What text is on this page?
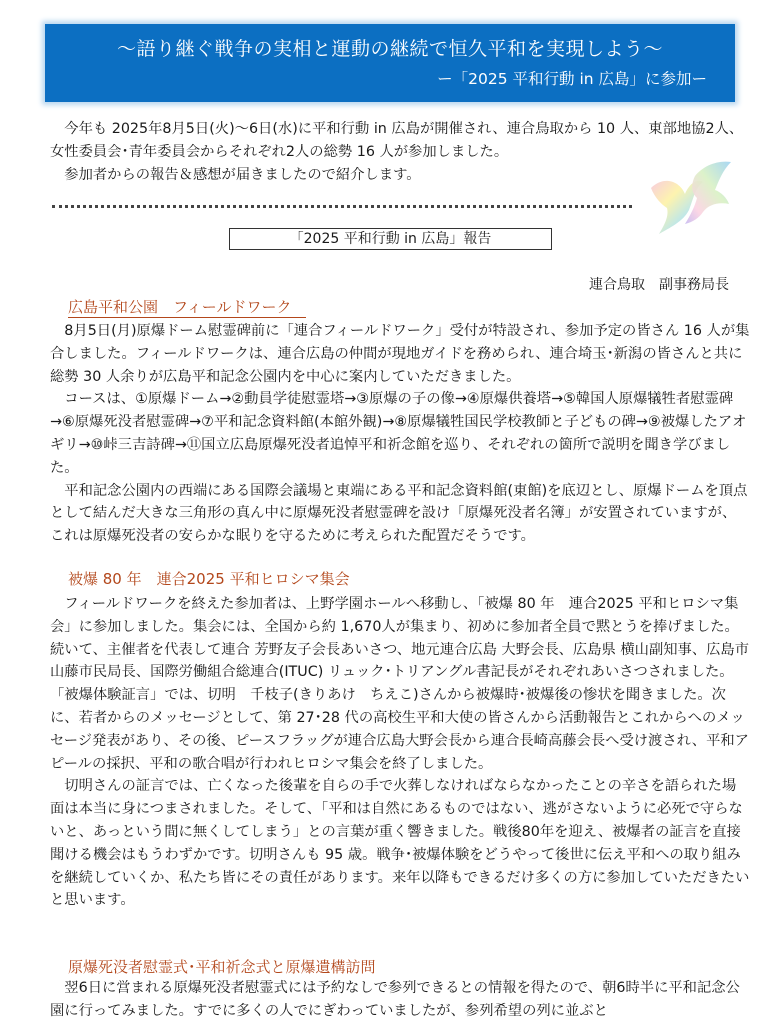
～語り継ぐ戦争の実相と運動の継続で恒久平和を実現しよう～
ー「2025 平和行動 in 広島」に参加ー

今年も 2025年8月5日(火)～6日(水)に平和行動 in 広島が開催され、連合鳥取から 10 人、東部地協2人、女性委員会･青年委員会からそれぞれ2人の総勢 16 人が参加しました。

参加者からの報告＆感想が届きましたので紹介します。

「2025 平和行動 in 広島」報告
連合鳥取　副事務局長
広島平和公園　フィールドワーク

8月5日(月)原爆ドーム慰霊碑前に「連合フィールドワーク」受付が特設され、参加予定の皆さん 16 人が集合しました。フィールドワークは、連合広島の仲間が現地ガイドを務められ、連合埼玉･新潟の皆さんと共に総勢 30 人余りが広島平和記念公園内を中心に案内していただきました。

コースは、①原爆ドーム→②動員学徒慰霊塔→③原爆の子の像→④原爆供養塔→⑤韓国人原爆犠牲者慰霊碑→⑥原爆死没者慰霊碑→⑦平和記念資料館(本館外観)→⑧原爆犠牲国民学校教師と子どもの碑→⑨被爆したアオギリ→⑩峠三吉詩碑→⑪国立広島原爆死没者追悼平和祈念館を巡り、それぞれの箇所で説明を聞き学びました。

平和記念公園内の西端にある国際会議場と東端にある平和記念資料館(東館)を底辺とし、原爆ドームを頂点として結んだ大きな三角形の真ん中に原爆死没者慰霊碑を設け「原爆死没者名簿」が安置されていますが、これは原爆死没者の安らかな眠りを守るために考えられた配置だそうです。

被爆 80 年　連合2025 平和ヒロシマ集会

フィールドワークを終えた参加者は、上野学園ホールへ移動し、「被爆 80 年　連合2025 平和ヒロシマ集会」に参加しました。集会には、全国から約 1,670人が集まり、初めに参加者全員で黙とうを捧げました。続いて、主催者を代表して連合 芳野友子会長あいさつ、地元連合広島 大野会長、広島県 横山副知事、広島市 山藤市民局長、国際労働組合総連合(ITUC) リュック･トリアングル書記長がそれぞれあいさつされました。「被爆体験証言」では、切明　千枝子(きりあけ　ちえこ)さんから被爆時･被爆後の惨状を聞きました。次に、若者からのメッセージとして、第 27･28 代の高校生平和大使の皆さんから活動報告とこれからへのメッセージ発表があり、その後、ピースフラッグが連合広島大野会長から連合長崎高藤会長へ受け渡され、平和アピールの採択、平和の歌合唱が行われヒロシマ集会を終了しました。

切明さんの証言では、亡くなった後輩を自らの手で火葬しなければならなかったことの辛さを語られた場面は本当に身につまされました。そして、「平和は自然にあるものではない、逃がさないように必死で守らないと、あっという間に無くしてしまう」との言葉が重く響きました。戦後80年を迎え、被爆者の証言を直接聞ける機会はもうわずかです。切明さんも 95 歳。戦争･被爆体験をどうやって後世に伝え平和への取り組みを継続していくか、私たち皆にその責任があります。来年以降もできるだけ多くの方に参加していただきたいと思います。

原爆死没者慰霊式･平和祈念式と原爆遺構訪問

翌6日に営まれる原爆死没者慰霊式には予約なしで参列できるとの情報を得たので、朝6時半に平和記念公園に行ってみました。すでに多くの人でにぎわっていましたが、参列希望の列に並ぶと
